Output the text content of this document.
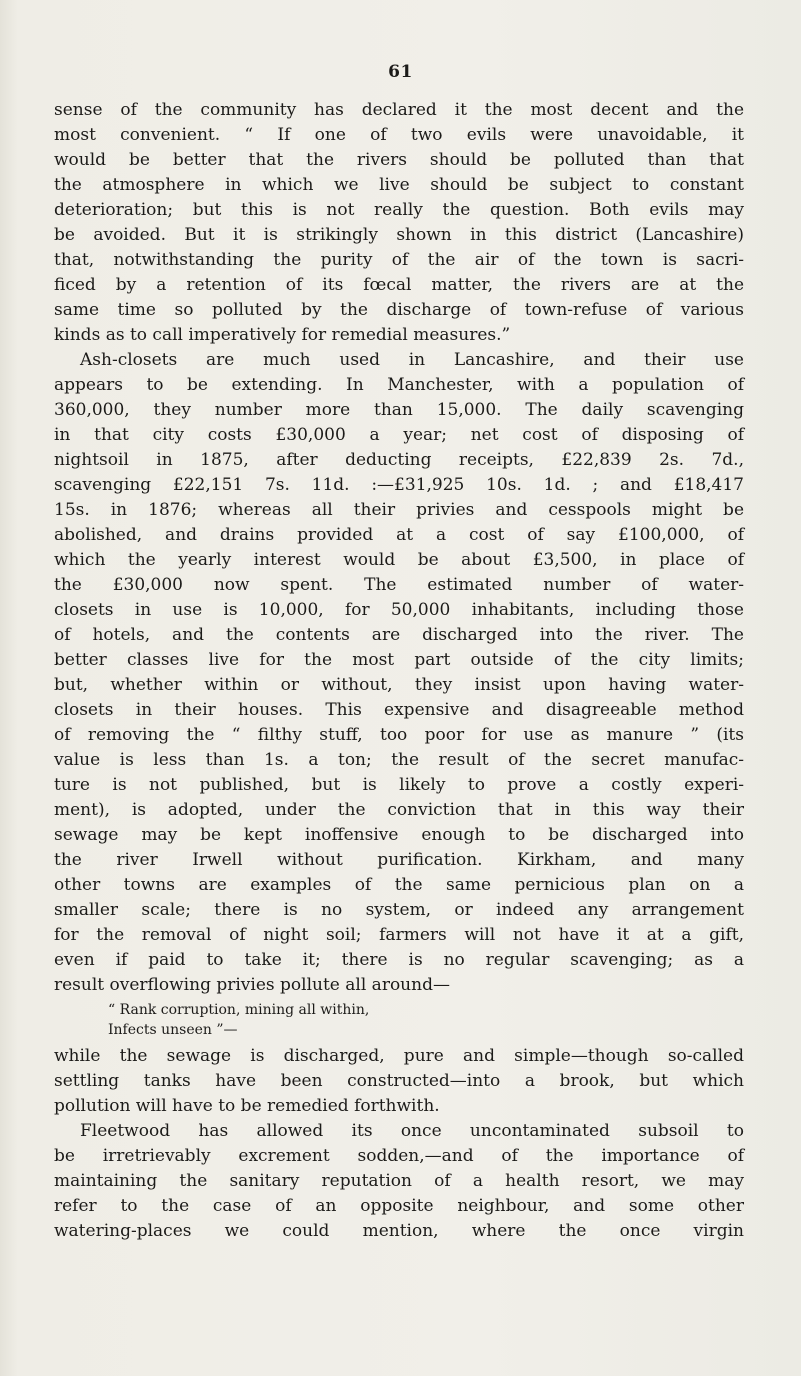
61
sense of the community has declared it the most decent and the
most convenient. “ If one of two evils were unavoidable, it
would be better that the rivers should be polluted than that
the atmosphere in which we live should be subject to constant
deterioration; but this is not really the question. Both evils may
be avoided. But it is strikingly shown in this district (Lancashire)
that, notwithstanding the purity of the air of the town is sacri-
ficed by a retention of its fœcal matter, the rivers are at the
same time so polluted by the discharge of town-refuse of various
kinds as to call imperatively for remedial measures.”
Ash-closets are much used in Lancashire, and their use
appears to be extending. In Manchester, with a population of
360,000, they number more than 15,000. The daily scavenging
in that city costs £30,000 a year; net cost of disposing of
nightsoil in 1875, after deducting receipts, £22,839 2s. 7d.,
scavenging £22,151 7s. 11d. :—£31,925 10s. 1d. ; and £18,417
15s. in 1876; whereas all their privies and cesspools might be
abolished, and drains provided at a cost of say £100,000, of
which the yearly interest would be about £3,500, in place of
the £30,000 now spent. The estimated number of water-
closets in use is 10,000, for 50,000 inhabitants, including those
of hotels, and the contents are discharged into the river. The
better classes live for the most part outside of the city limits;
but, whether within or without, they insist upon having water-
closets in their houses. This expensive and disagreeable method
of removing the “ filthy stuff, too poor for use as manure ” (its
value is less than 1s. a ton; the result of the secret manufac-
ture is not published, but is likely to prove a costly experi-
ment), is adopted, under the conviction that in this way their
sewage may be kept inoffensive enough to be discharged into
the river Irwell without purification. Kirkham, and many
other towns are examples of the same pernicious plan on a
smaller scale; there is no system, or indeed any arrangement
for the removal of night soil; farmers will not have it at a gift,
even if paid to take it; there is no regular scavenging; as a
result overflowing privies pollute all around—
“ Rank corruption, mining all within,
Infects unseen ”—
while the sewage is discharged, pure and simple—though so-called
settling tanks have been constructed—into a brook, but which
pollution will have to be remedied forthwith.
Fleetwood has allowed its once uncontaminated subsoil to
be irretrievably excrement sodden,—and of the importance of
maintaining the sanitary reputation of a health resort, we may
refer to the case of an opposite neighbour, and some other
watering-places we could mention, where the once virgin
